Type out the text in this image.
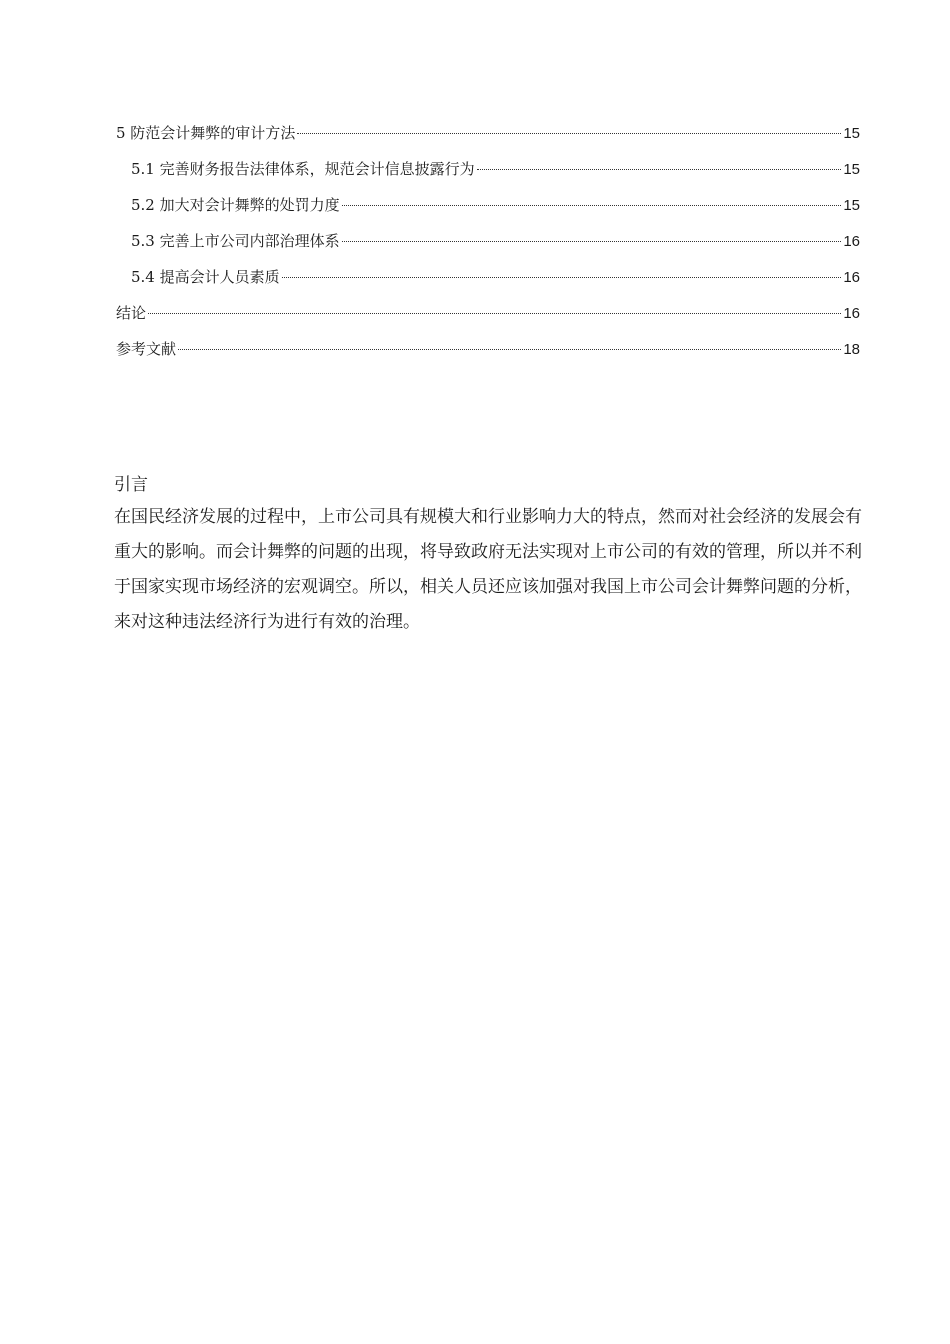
5 防范会计舞弊的审计方法	15
5.1 完善财务报告法律体系，规范会计信息披露行为	15
5.2 加大对会计舞弊的处罚力度	15
5.3 完善上市公司内部治理体系	16
5.4 提高会计人员素质	16
结论	16
参考文献	18
引言

在国民经济发展的过程中，上市公司具有规模大和行业影响力大的特点，然而对社会经济的发展会有重大的影响。而会计舞弊的问题的出现，将导致政府无法实现对上市公司的有效的管理，所以并不利于国家实现市场经济的宏观调空。所以，相关人员还应该加强对我国上市公司会计舞弊问题的分析，来对这种违法经济行为进行有效的治理。
